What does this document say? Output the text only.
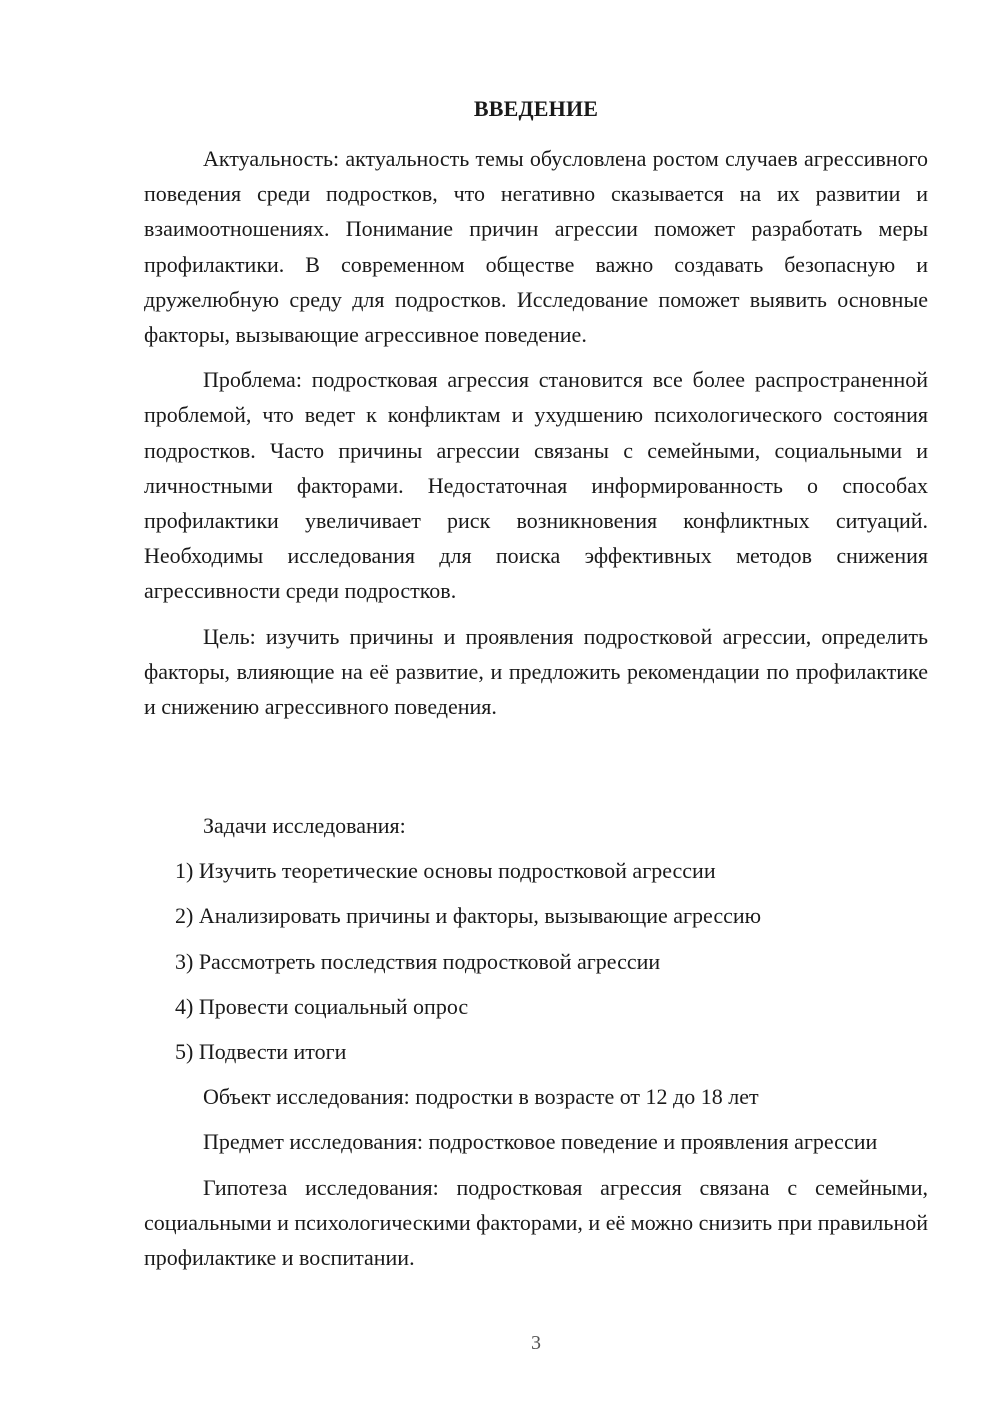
ВВЕДЕНИЕ

Актуальность: актуальность темы обусловлена ростом случаев агрессивного поведения среди подростков, что негативно сказывается на их развитии и взаимоотношениях. Понимание причин агрессии поможет разработать меры профилактики. В современном обществе важно создавать безопасную и дружелюбную среду для подростков. Исследование поможет выявить основные факторы, вызывающие агрессивное поведение.

Проблема: подростковая агрессия становится все более распространенной проблемой, что ведет к конфликтам и ухудшению психологического состояния подростков. Часто причины агрессии связаны с семейными, социальными и личностными факторами. Недостаточная информированность о способах профилактики увеличивает риск возникновения конфликтных ситуаций. Необходимы исследования для поиска эффективных методов снижения агрессивности среди подростков.

Цель: изучить причины и проявления подростковой агрессии, определить факторы, влияющие на её развитие, и предложить рекомендации по профилактике и снижению агрессивного поведения.

Задачи исследования:

1) Изучить теоретические основы подростковой агрессии

2) Анализировать причины и факторы, вызывающие агрессию

3) Рассмотреть последствия подростковой агрессии

4) Провести социальный опрос

5) Подвести итоги

Объект исследования: подростки в возрасте от 12 до 18 лет

Предмет исследования: подростковое поведение и проявления агрессии

Гипотеза исследования: подростковая агрессия связана с семейными, социальными и психологическими факторами, и её можно снизить при правильной профилактике и воспитании.

3
